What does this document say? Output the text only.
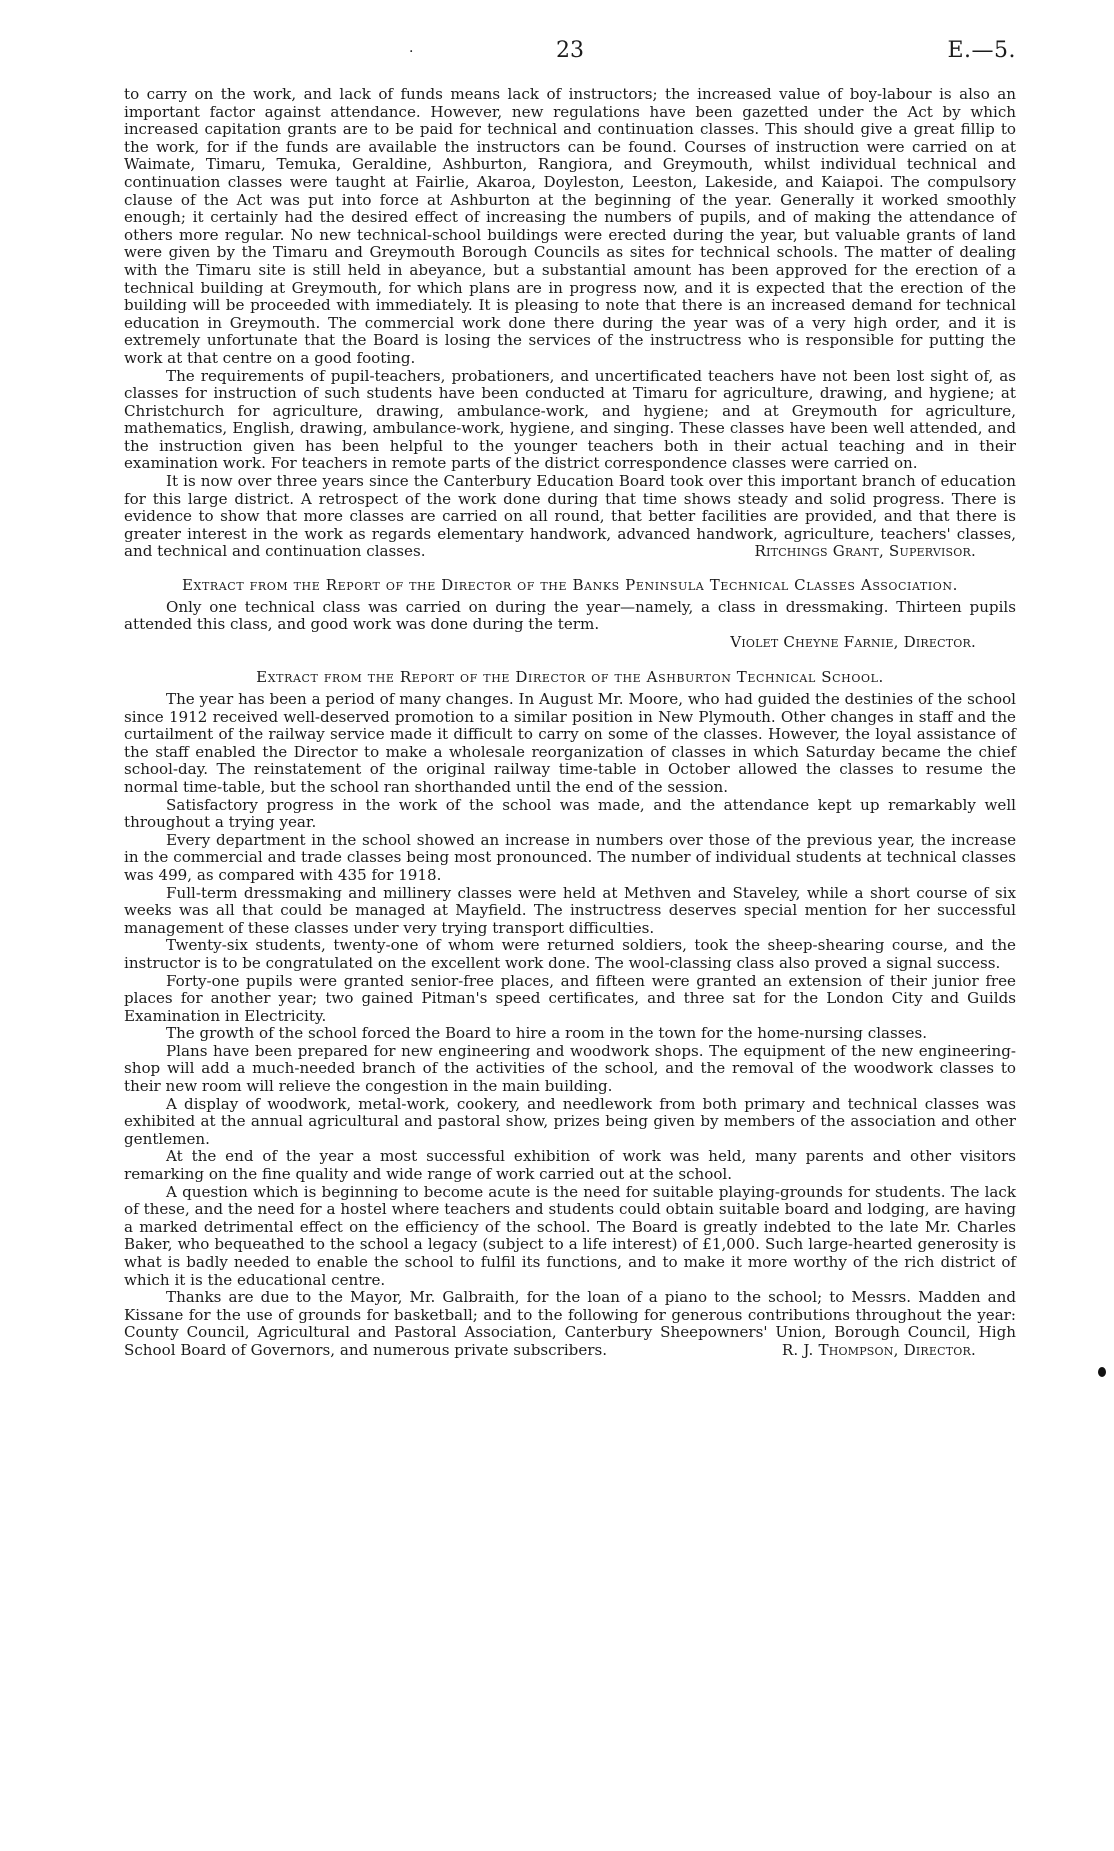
·	23	E.—5.

to carry on the work, and lack of funds means lack of instructors; the increased value of boy-labour is also an important factor against attendance. However, new regulations have been gazetted under the Act by which increased capitation grants are to be paid for technical and continuation classes. This should give a great fillip to the work, for if the funds are available the instructors can be found. Courses of instruction were carried on at Waimate, Timaru, Temuka, Geraldine, Ashburton, Rangiora, and Greymouth, whilst individual technical and continuation classes were taught at Fairlie, Akaroa, Doyleston, Leeston, Lakeside, and Kaiapoi. The compulsory clause of the Act was put into force at Ashburton at the beginning of the year. Generally it worked smoothly enough; it certainly had the desired effect of increasing the numbers of pupils, and of making the attendance of others more regular. No new technical-school buildings were erected during the year, but valuable grants of land were given by the Timaru and Greymouth Borough Councils as sites for technical schools. The matter of dealing with the Timaru site is still held in abeyance, but a substantial amount has been approved for the erection of a technical building at Greymouth, for which plans are in progress now, and it is expected that the erection of the building will be proceeded with immediately. It is pleasing to note that there is an increased demand for technical education in Greymouth. The commercial work done there during the year was of a very high order, and it is extremely unfortunate that the Board is losing the services of the instructress who is responsible for putting the work at that centre on a good footing.

The requirements of pupil-teachers, probationers, and uncertificated teachers have not been lost sight of, as classes for instruction of such students have been conducted at Timaru for agriculture, drawing, and hygiene; at Christchurch for agriculture, drawing, ambulance-work, and hygiene; and at Greymouth for agriculture, mathematics, English, drawing, ambulance-work, hygiene, and singing. These classes have been well attended, and the instruction given has been helpful to the younger teachers both in their actual teaching and in their examination work. For teachers in remote parts of the district correspondence classes were carried on.

It is now over three years since the Canterbury Education Board took over this important branch of education for this large district. A retrospect of the work done during that time shows steady and solid progress. There is evidence to show that more classes are carried on all round, that better facilities are provided, and that there is greater interest in the work as regards elementary handwork, advanced handwork, agriculture, teachers' classes, and technical and continuation classes.	Ritchings Grant, Supervisor.

Extract from the Report of the Director of the Banks Peninsula Technical Classes Association.

Only one technical class was carried on during the year—namely, a class in dressmaking. Thirteen pupils attended this class, and good work was done during the term.

Violet Cheyne Farnie, Director.

Extract from the Report of the Director of the Ashburton Technical School.

The year has been a period of many changes. In August Mr. Moore, who had guided the destinies of the school since 1912 received well-deserved promotion to a similar position in New Plymouth. Other changes in staff and the curtailment of the railway service made it difficult to carry on some of the classes. However, the loyal assistance of the staff enabled the Director to make a wholesale reorganization of classes in which Saturday became the chief school-day. The reinstatement of the original railway time-table in October allowed the classes to resume the normal time-table, but the school ran shorthanded until the end of the session.

Satisfactory progress in the work of the school was made, and the attendance kept up remarkably well throughout a trying year.

Every department in the school showed an increase in numbers over those of the previous year, the increase in the commercial and trade classes being most pronounced. The number of individual students at technical classes was 499, as compared with 435 for 1918.

Full-term dressmaking and millinery classes were held at Methven and Staveley, while a short course of six weeks was all that could be managed at Mayfield. The instructress deserves special mention for her successful management of these classes under very trying transport difficulties.

Twenty-six students, twenty-one of whom were returned soldiers, took the sheep-shearing course, and the instructor is to be congratulated on the excellent work done. The wool-classing class also proved a signal success.

Forty-one pupils were granted senior-free places, and fifteen were granted an extension of their junior free places for another year; two gained Pitman's speed certificates, and three sat for the London City and Guilds Examination in Electricity.

The growth of the school forced the Board to hire a room in the town for the home-nursing classes.

Plans have been prepared for new engineering and woodwork shops. The equipment of the new engineering-shop will add a much-needed branch of the activities of the school, and the removal of the woodwork classes to their new room will relieve the congestion in the main building.

A display of woodwork, metal-work, cookery, and needlework from both primary and technical classes was exhibited at the annual agricultural and pastoral show, prizes being given by members of the association and other gentlemen.

At the end of the year a most successful exhibition of work was held, many parents and other visitors remarking on the fine quality and wide range of work carried out at the school.

A question which is beginning to become acute is the need for suitable playing-grounds for students. The lack of these, and the need for a hostel where teachers and students could obtain suitable board and lodging, are having a marked detrimental effect on the efficiency of the school. The Board is greatly indebted to the late Mr. Charles Baker, who bequeathed to the school a legacy (subject to a life interest) of £1,000. Such large-hearted generosity is what is badly needed to enable the school to fulfil its functions, and to make it more worthy of the rich district of which it is the educational centre.

Thanks are due to the Mayor, Mr. Galbraith, for the loan of a piano to the school; to Messrs. Madden and Kissane for the use of grounds for basketball; and to the following for generous contributions throughout the year: County Council, Agricultural and Pastoral Association, Canterbury Sheepowners' Union, Borough Council, High School Board of Governors, and numerous private subscribers.	R. J. Thompson, Director.
